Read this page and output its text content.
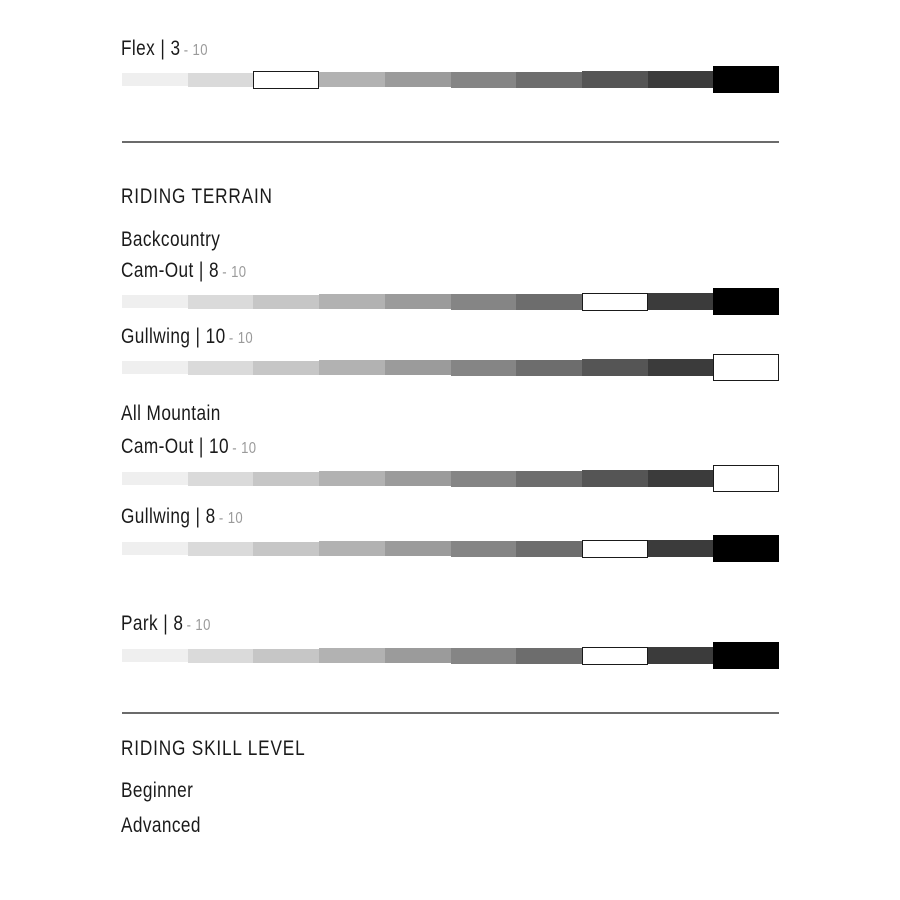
Flex | 3 - 10
RIDING TERRAIN
Backcountry
Cam-Out | 8 - 10
Gullwing | 10 - 10
All Mountain
Cam-Out | 10 - 10
Gullwing | 8 - 10
Park | 8 - 10
RIDING SKILL LEVEL
Beginner
Advanced
